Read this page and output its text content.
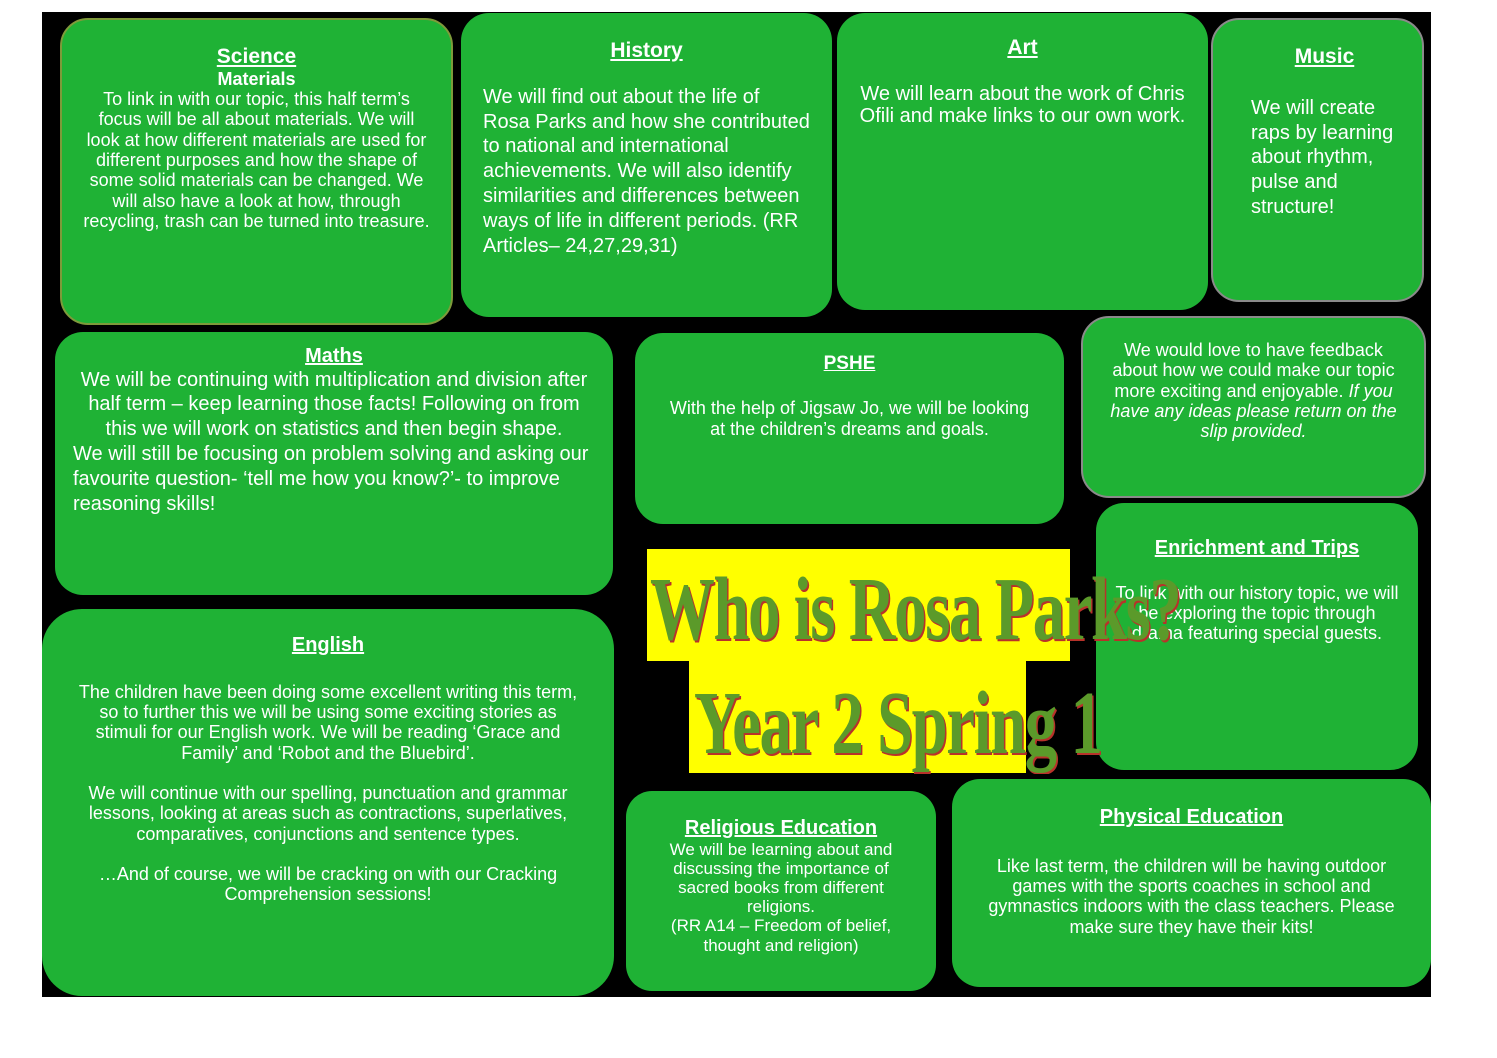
Science
Materials

To link in with our topic, this half term’s focus will be all about materials. We will look at how different materials are used for different purposes and how the shape of some solid materials can be changed. We will also have a look at how, through recycling, trash can be turned into treasure.

History

We will find out about the life of Rosa Parks and how she contributed to national and international achievements. We will also identify similarities and differences between ways of life in different periods. (RR Articles– 24,27,29,31)

Art

We will learn about the work of Chris Ofili and make links to our own work.

Music

We will create raps by learning about rhythm, pulse and structure!

Maths

We will be continuing with multiplication and division after half term – keep learning those facts! Following on from this we will work on statistics and then begin shape.

We will still be focusing on problem solving and asking our favourite question- ‘tell me how you know?’- to improve reasoning skills!

PSHE

With the help of Jigsaw Jo, we will be looking at the children’s dreams and goals.

We would love to have feedback about how we could make our topic more exciting and enjoyable. If you have any ideas please return on the slip provided.

Enrichment and Trips

To link with our history topic, we will be exploring the topic through drama featuring special guests.

English

The children have been doing some excellent writing this term, so to further this we will be using some exciting stories as stimuli for our English work. We will be reading ‘Grace and Family’ and ‘Robot and the Bluebird’.

We will continue with our spelling, punctuation and grammar lessons, looking at areas such as contractions, superlatives, comparatives, conjunctions and sentence types.

…And of course, we will be cracking on with our Cracking Comprehension sessions!

Religious Education

We will be learning about and discussing the importance of sacred books from different religions.

(RR A14 – Freedom of belief, thought and religion)

Physical Education

Like last term, the children will be having outdoor games with the sports coaches in school and gymnastics indoors with the class teachers. Please make sure they have their kits!

Who is Rosa Parks?
Year 2 Spring 1
